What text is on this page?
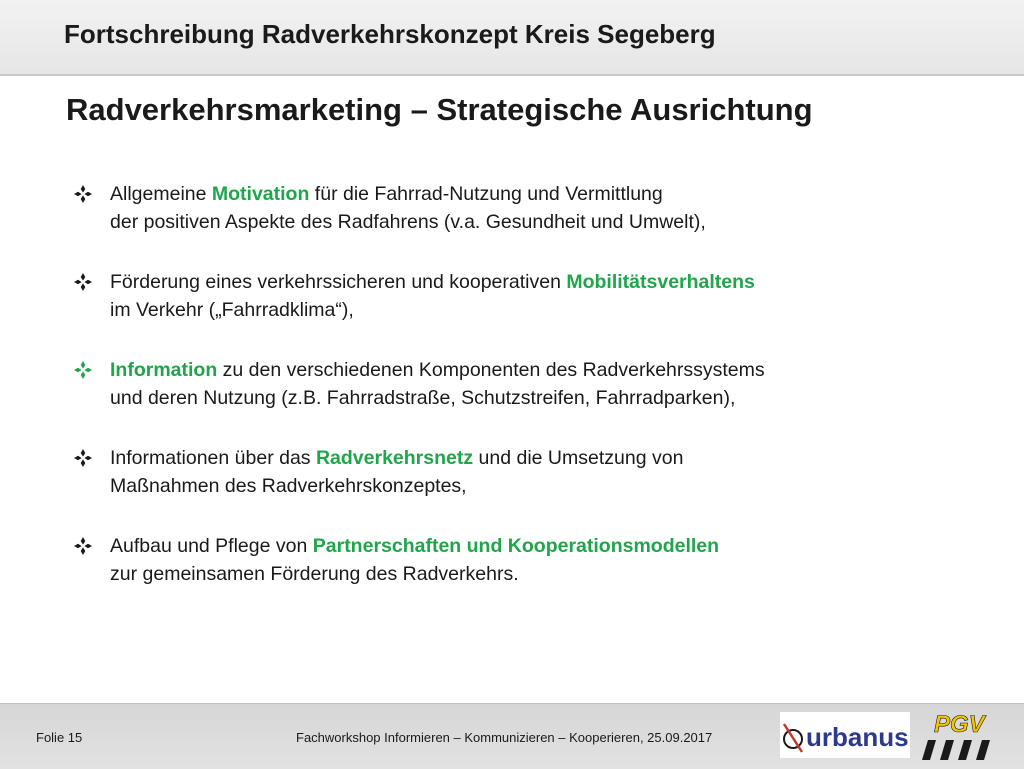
Fortschreibung Radverkehrskonzept Kreis Segeberg
Radverkehrsmarketing – Strategische Ausrichtung
Allgemeine Motivation für die Fahrrad-Nutzung und Vermittlung
der positiven Aspekte des Radfahrens (v.a. Gesundheit und Umwelt),
Förderung eines verkehrssicheren und kooperativen Mobilitätsverhaltens
im Verkehr („Fahrradklima“),
Information zu den verschiedenen Komponenten des Radverkehrssystems
und deren Nutzung (z.B. Fahrradstraße, Schutzstreifen, Fahrradparken),
Informationen über das Radverkehrsnetz und die Umsetzung von
Maßnahmen des Radverkehrskonzeptes,
Aufbau und Pflege von Partnerschaften und Kooperationsmodellen
zur gemeinsamen Förderung des Radverkehrs.
Folie 15	Fachworkshop Informieren – Kommunizieren – Kooperieren, 25.09.2017	urbanus PGV
